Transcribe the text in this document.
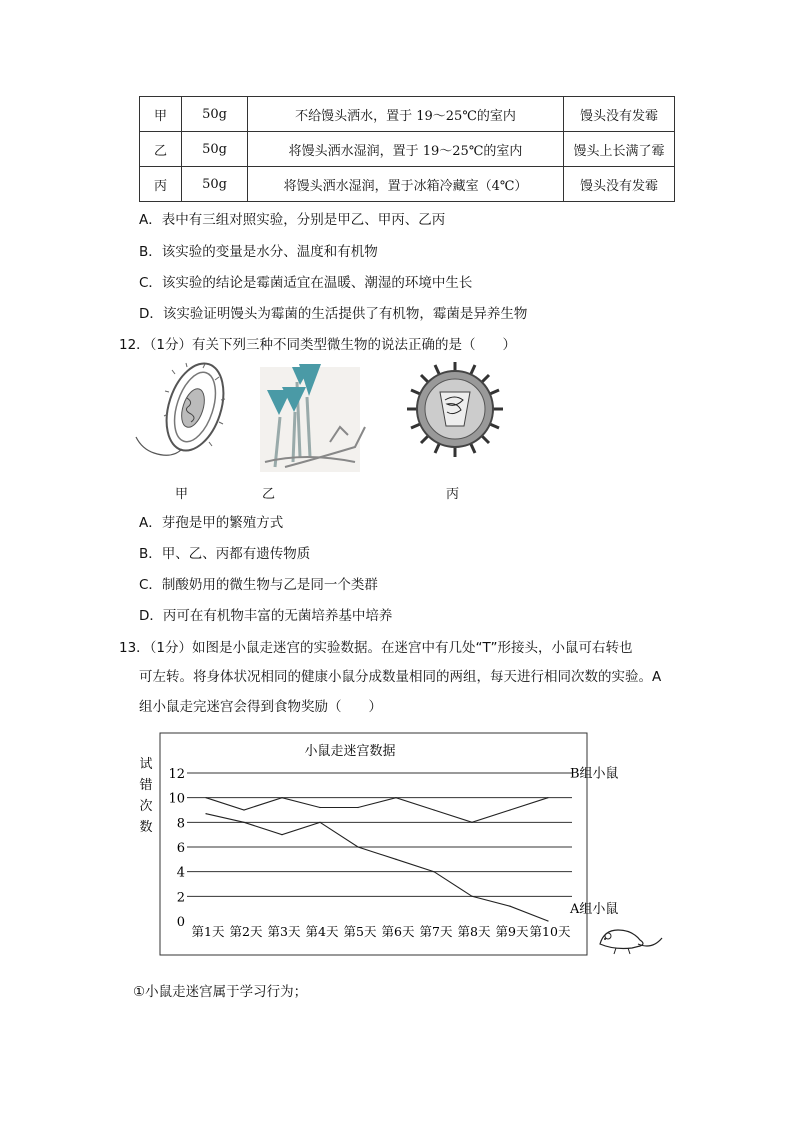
甲	50g	不给馒头洒水，置于 19～25℃的室内	馒头没有发霉
乙	50g	将馒头洒水湿润，置于 19～25℃的室内	馒头上长满了霉
丙	50g	将馒头洒水湿润，置于冰箱冷藏室（4℃）	馒头没有发霉
A．表中有三组对照实验，分别是甲乙、甲丙、乙丙
B．该实验的变量是水分、温度和有机物
C．该实验的结论是霉菌适宜在温暖、潮湿的环境中生长
D．该实验证明馒头为霉菌的生活提供了有机物，霉菌是异养生物
12．（1分）有关下列三种不同类型微生物的说法正确的是（　　）
甲	乙	丙
A．芽孢是甲的繁殖方式
B．甲、乙、丙都有遗传物质
C．制酸奶用的微生物与乙是同一个类群
D．丙可在有机物丰富的无菌培养基中培养
13．（1分）如图是小鼠走迷宫的实验数据。在迷宫中有几处“T”形接头，小鼠可右转也
可左转。将身体状况相同的健康小鼠分成数量相同的两组，每天进行相同次数的实验。A
组小鼠走完迷宫会得到食物奖励（　　）
小鼠走迷宫数据
试
错
次
数
0
2
4
6
8
10
12
第1天 第2天 第3天 第4天 第5天 第6天 第7天 第8天 第9天 第10天
B组小鼠
A组小鼠
①小鼠走迷宫属于学习行为；
